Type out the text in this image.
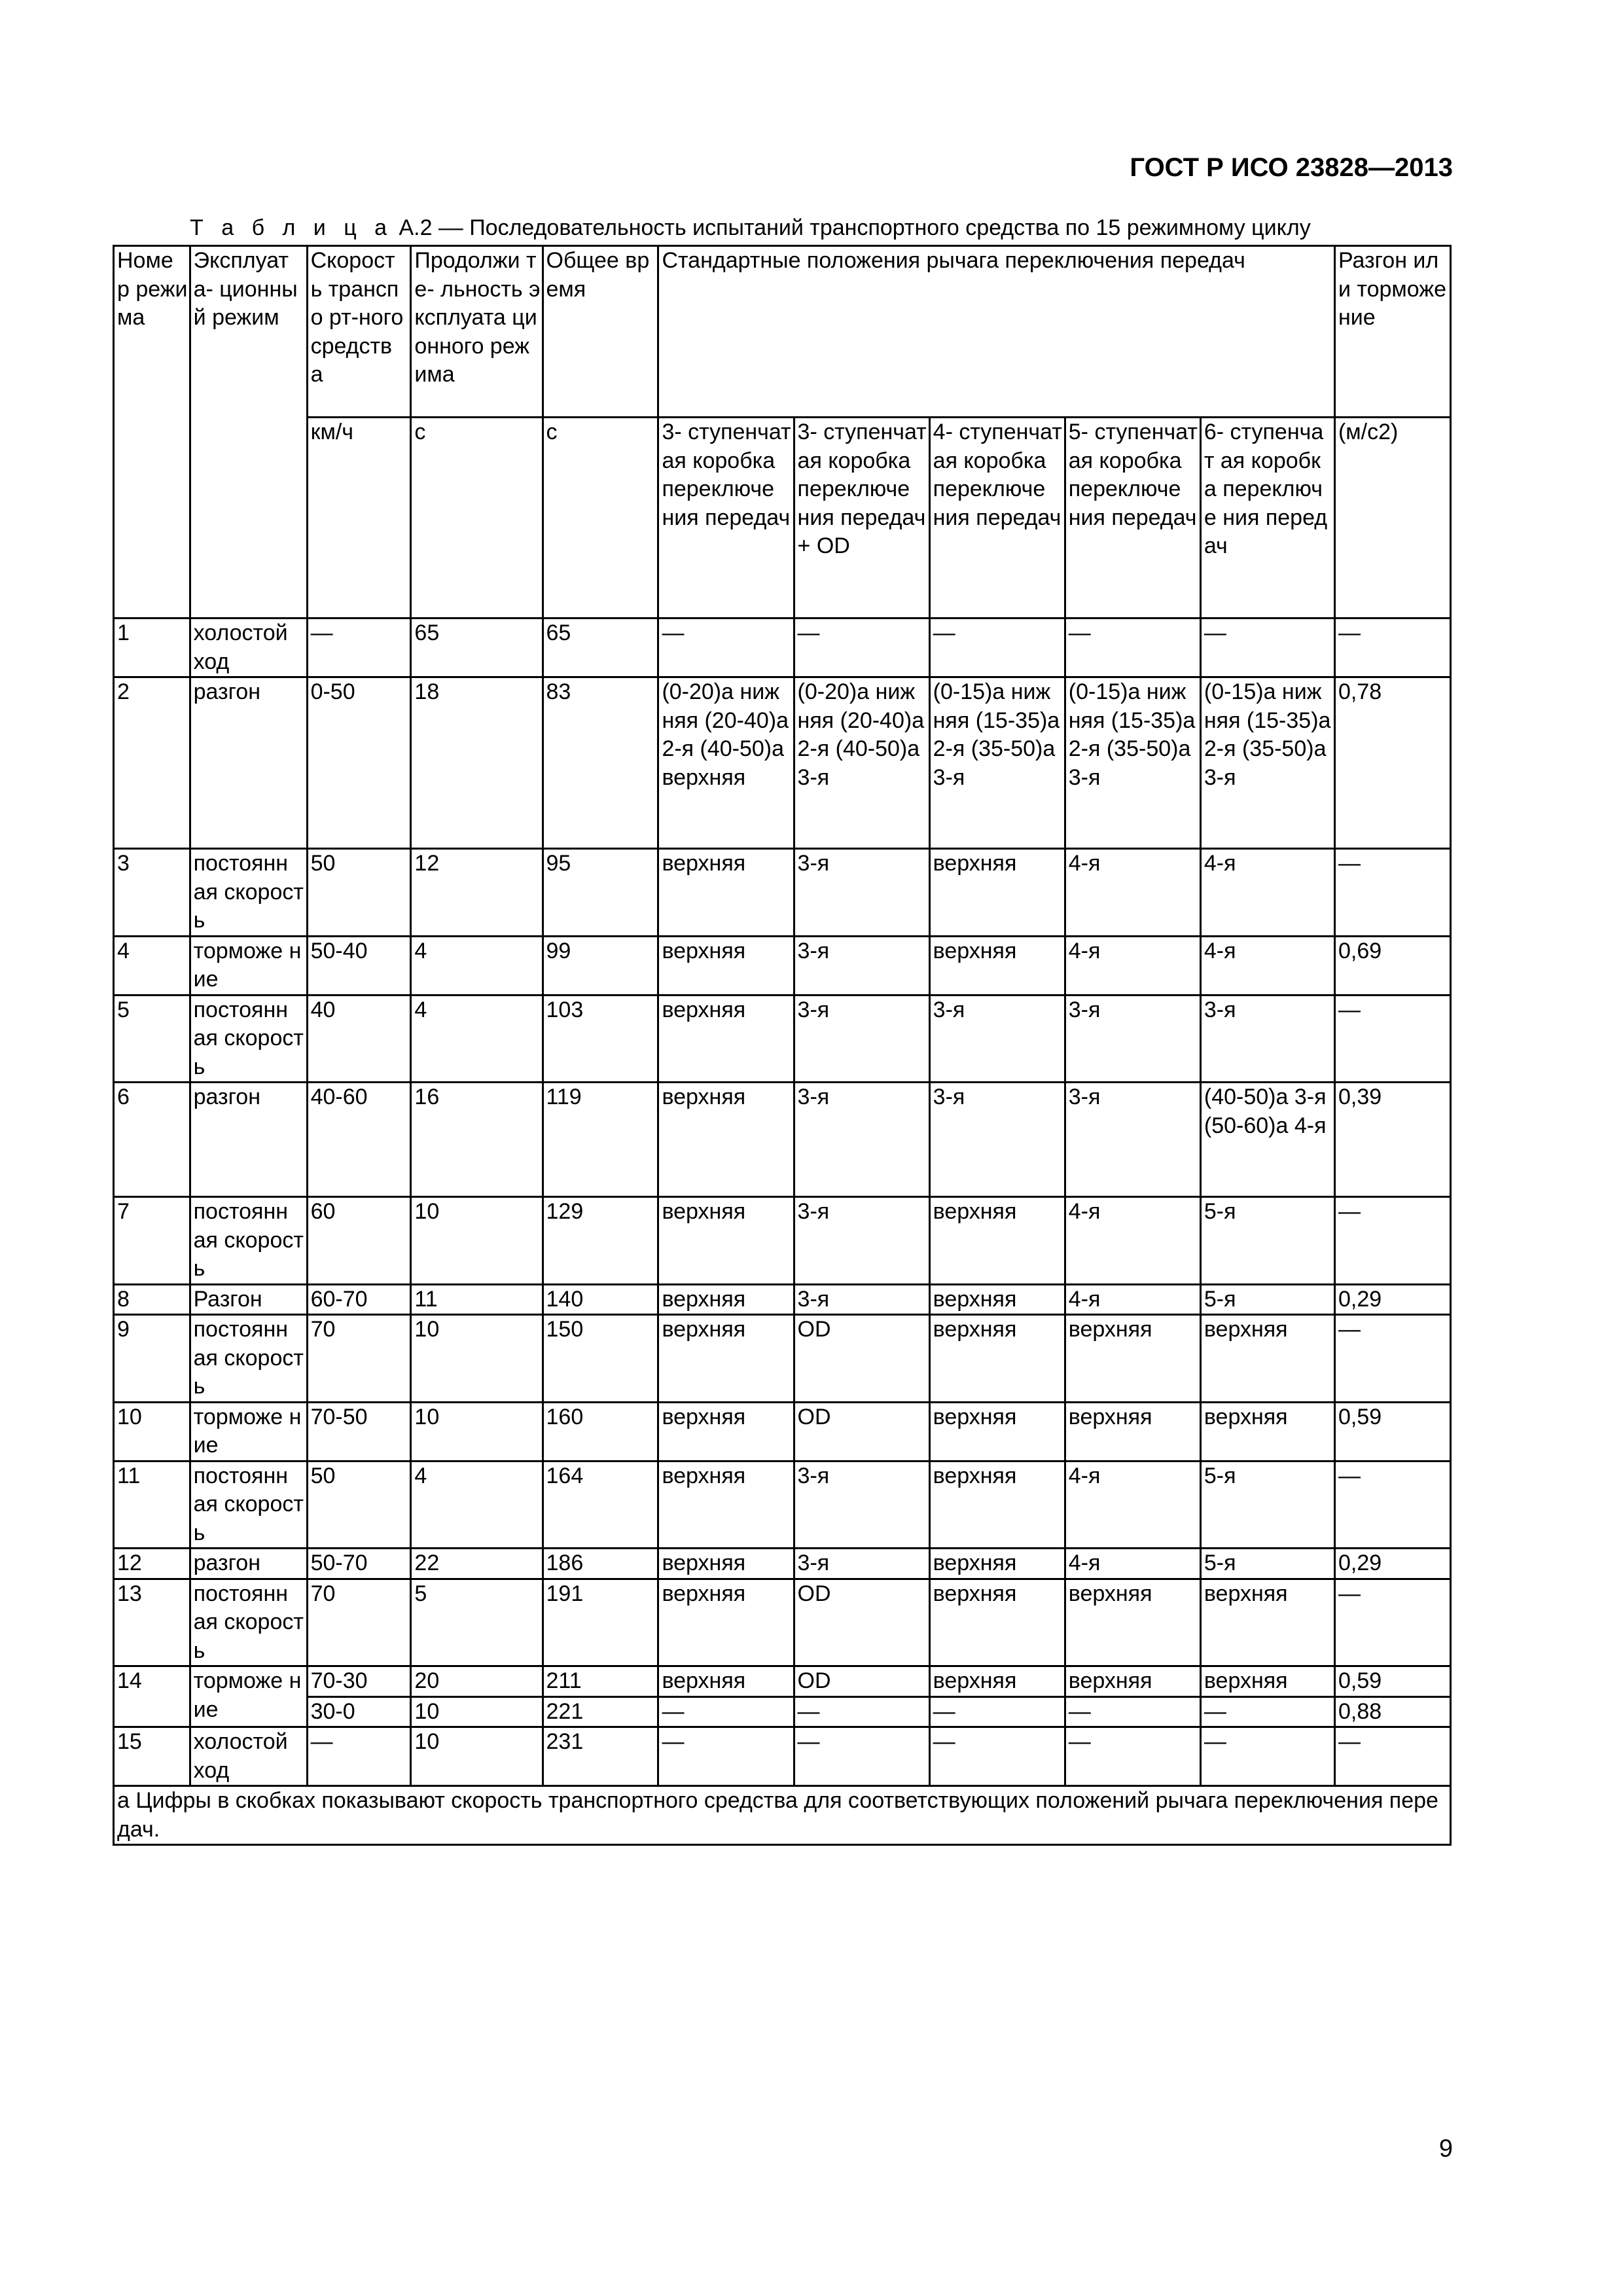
ГОСТ Р ИСО 23828—2013
Т а б л и ц а А.2 –– Последовательность испытаний транспортного средства по 15 режимному циклу
Номе р режи ма	Эксплуат а- ционный режим	Скорост ь транспо рт-ного средств а	Продолжи те- льность эксплуата ционного режима	Общее время	Стандартные положения рычага переключения передач					Разгон или торможе ние
		км/ч	с	с	3- ступенчат ая коробка переключе ния передач	3- ступенчат ая коробка переключе ния передач + OD	4- ступенчат ая коробка переключе ния передач	5- ступенчат ая коробка переключе ния передач	6- ступенчат ая коробка переключе ния передач	(м/с2)
1	холостой ход	—	65	65	—	—	—	—	—	—
2	разгон	0-50	18	83	(0-20)а нижняя (20-40)а 2-я (40-50)а верхняя	(0-20)а нижняя (20-40)а 2-я (40-50)а 3-я	(0-15)а нижняя (15-35)а 2-я (35-50)а 3-я	(0-15)а нижняя (15-35)а 2-я (35-50)а 3-я	(0-15)а нижняя (15-35)а 2-я (35-50)а 3-я	0,78
3	постоянн ая скорость	50	12	95	верхняя	3-я	верхняя	4-я	4-я	—
4	торможе ние	50-40	4	99	верхняя	3-я	верхняя	4-я	4-я	0,69
5	постоянн ая скорость	40	4	103	верхняя	3-я	3-я	3-я	3-я	—
6	разгон	40-60	16	119	верхняя	3-я	3-я	3-я	(40-50)а 3-я (50-60)а 4-я	0,39
7	постоянн ая скорость	60	10	129	верхняя	3-я	верхняя	4-я	5-я	—
8	Разгон	60-70	11	140	верхняя	3-я	верхняя	4-я	5-я	0,29
9	постоянн ая скорость	70	10	150	верхняя	OD	верхняя	верхняя	верхняя	—
10	торможе ние	70-50	10	160	верхняя	OD	верхняя	верхняя	верхняя	0,59
11	постоянн ая скорость	50	4	164	верхняя	3-я	верхняя	4-я	5-я	—
12	разгон	50-70	22	186	верхняя	3-я	верхняя	4-я	5-я	0,29
13	постоянн ая скорость	70	5	191	верхняя	OD	верхняя	верхняя	верхняя	—
14	торможе ние	70-30	20	211	верхняя	OD	верхняя	верхняя	верхняя	0,59
		30-0	10	221	—	—	—	—	—	0,88
15	холостой ход	—	10	231	—	—	—	—	—	—
а Цифры в скобках показывают скорость транспортного средства для соответствующих положений рычага переключения передач.										
9
